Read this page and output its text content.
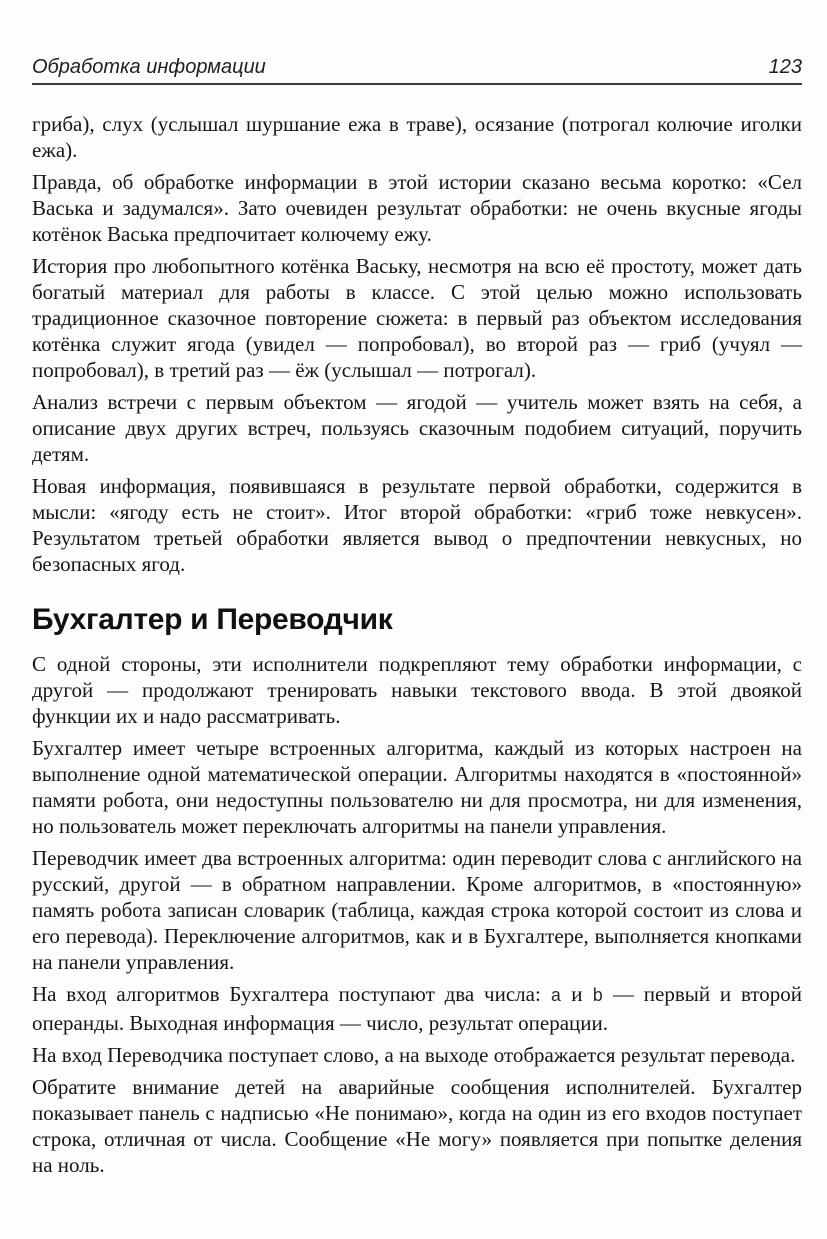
Обработка информации	123

гриба), слух (услышал шуршание ежа в траве), осязание (потрогал колючие иголки ежа).

Правда, об обработке информации в этой истории сказано весьма коротко: «Сел Васька и задумался». Зато очевиден результат обработки: не очень вкусные ягоды котёнок Васька предпочитает колючему ежу.

История про любопытного котёнка Ваську, несмотря на всю её простоту, может дать богатый материал для работы в классе. С этой целью можно использовать традиционное сказочное повторение сюжета: в первый раз объектом исследования котёнка служит ягода (увидел — попробовал), во второй раз — гриб (учуял — попробовал), в третий раз — ёж (услышал — потрогал).

Анализ встречи с первым объектом — ягодой — учитель может взять на себя, а описание двух других встреч, пользуясь сказочным подобием ситуаций, поручить детям.

Новая информация, появившаяся в результате первой обработки, содержится в мысли: «ягоду есть не стоит». Итог второй обработки: «гриб тоже невкусен». Результатом третьей обработки является вывод о предпочтении невкусных, но безопасных ягод.

Бухгалтер и Переводчик

С одной стороны, эти исполнители подкрепляют тему обработки информации, с другой — продолжают тренировать навыки текстового ввода. В этой двоякой функции их и надо рассматривать.

Бухгалтер имеет четыре встроенных алгоритма, каждый из которых настроен на выполнение одной математической операции. Алгоритмы находятся в «постоянной» памяти робота, они недоступны пользователю ни для просмотра, ни для изменения, но пользователь может переключать алгоритмы на панели управления.

Переводчик имеет два встроенных алгоритма: один переводит слова с английского на русский, другой — в обратном направлении. Кроме алгоритмов, в «постоянную» память робота записан словарик (таблица, каждая строка которой состоит из слова и его перевода). Переключение алгоритмов, как и в Бухгалтере, выполняется кнопками на панели управления.

На вход алгоритмов Бухгалтера поступают два числа: a и b — первый и второй операнды. Выходная информация — число, результат операции.

На вход Переводчика поступает слово, а на выходе отображается результат перевода.

Обратите внимание детей на аварийные сообщения исполнителей. Бухгалтер показывает панель с надписью «Не понимаю», когда на один из его входов поступает строка, отличная от числа. Сообщение «Не могу» появляется при попытке деления на ноль.
